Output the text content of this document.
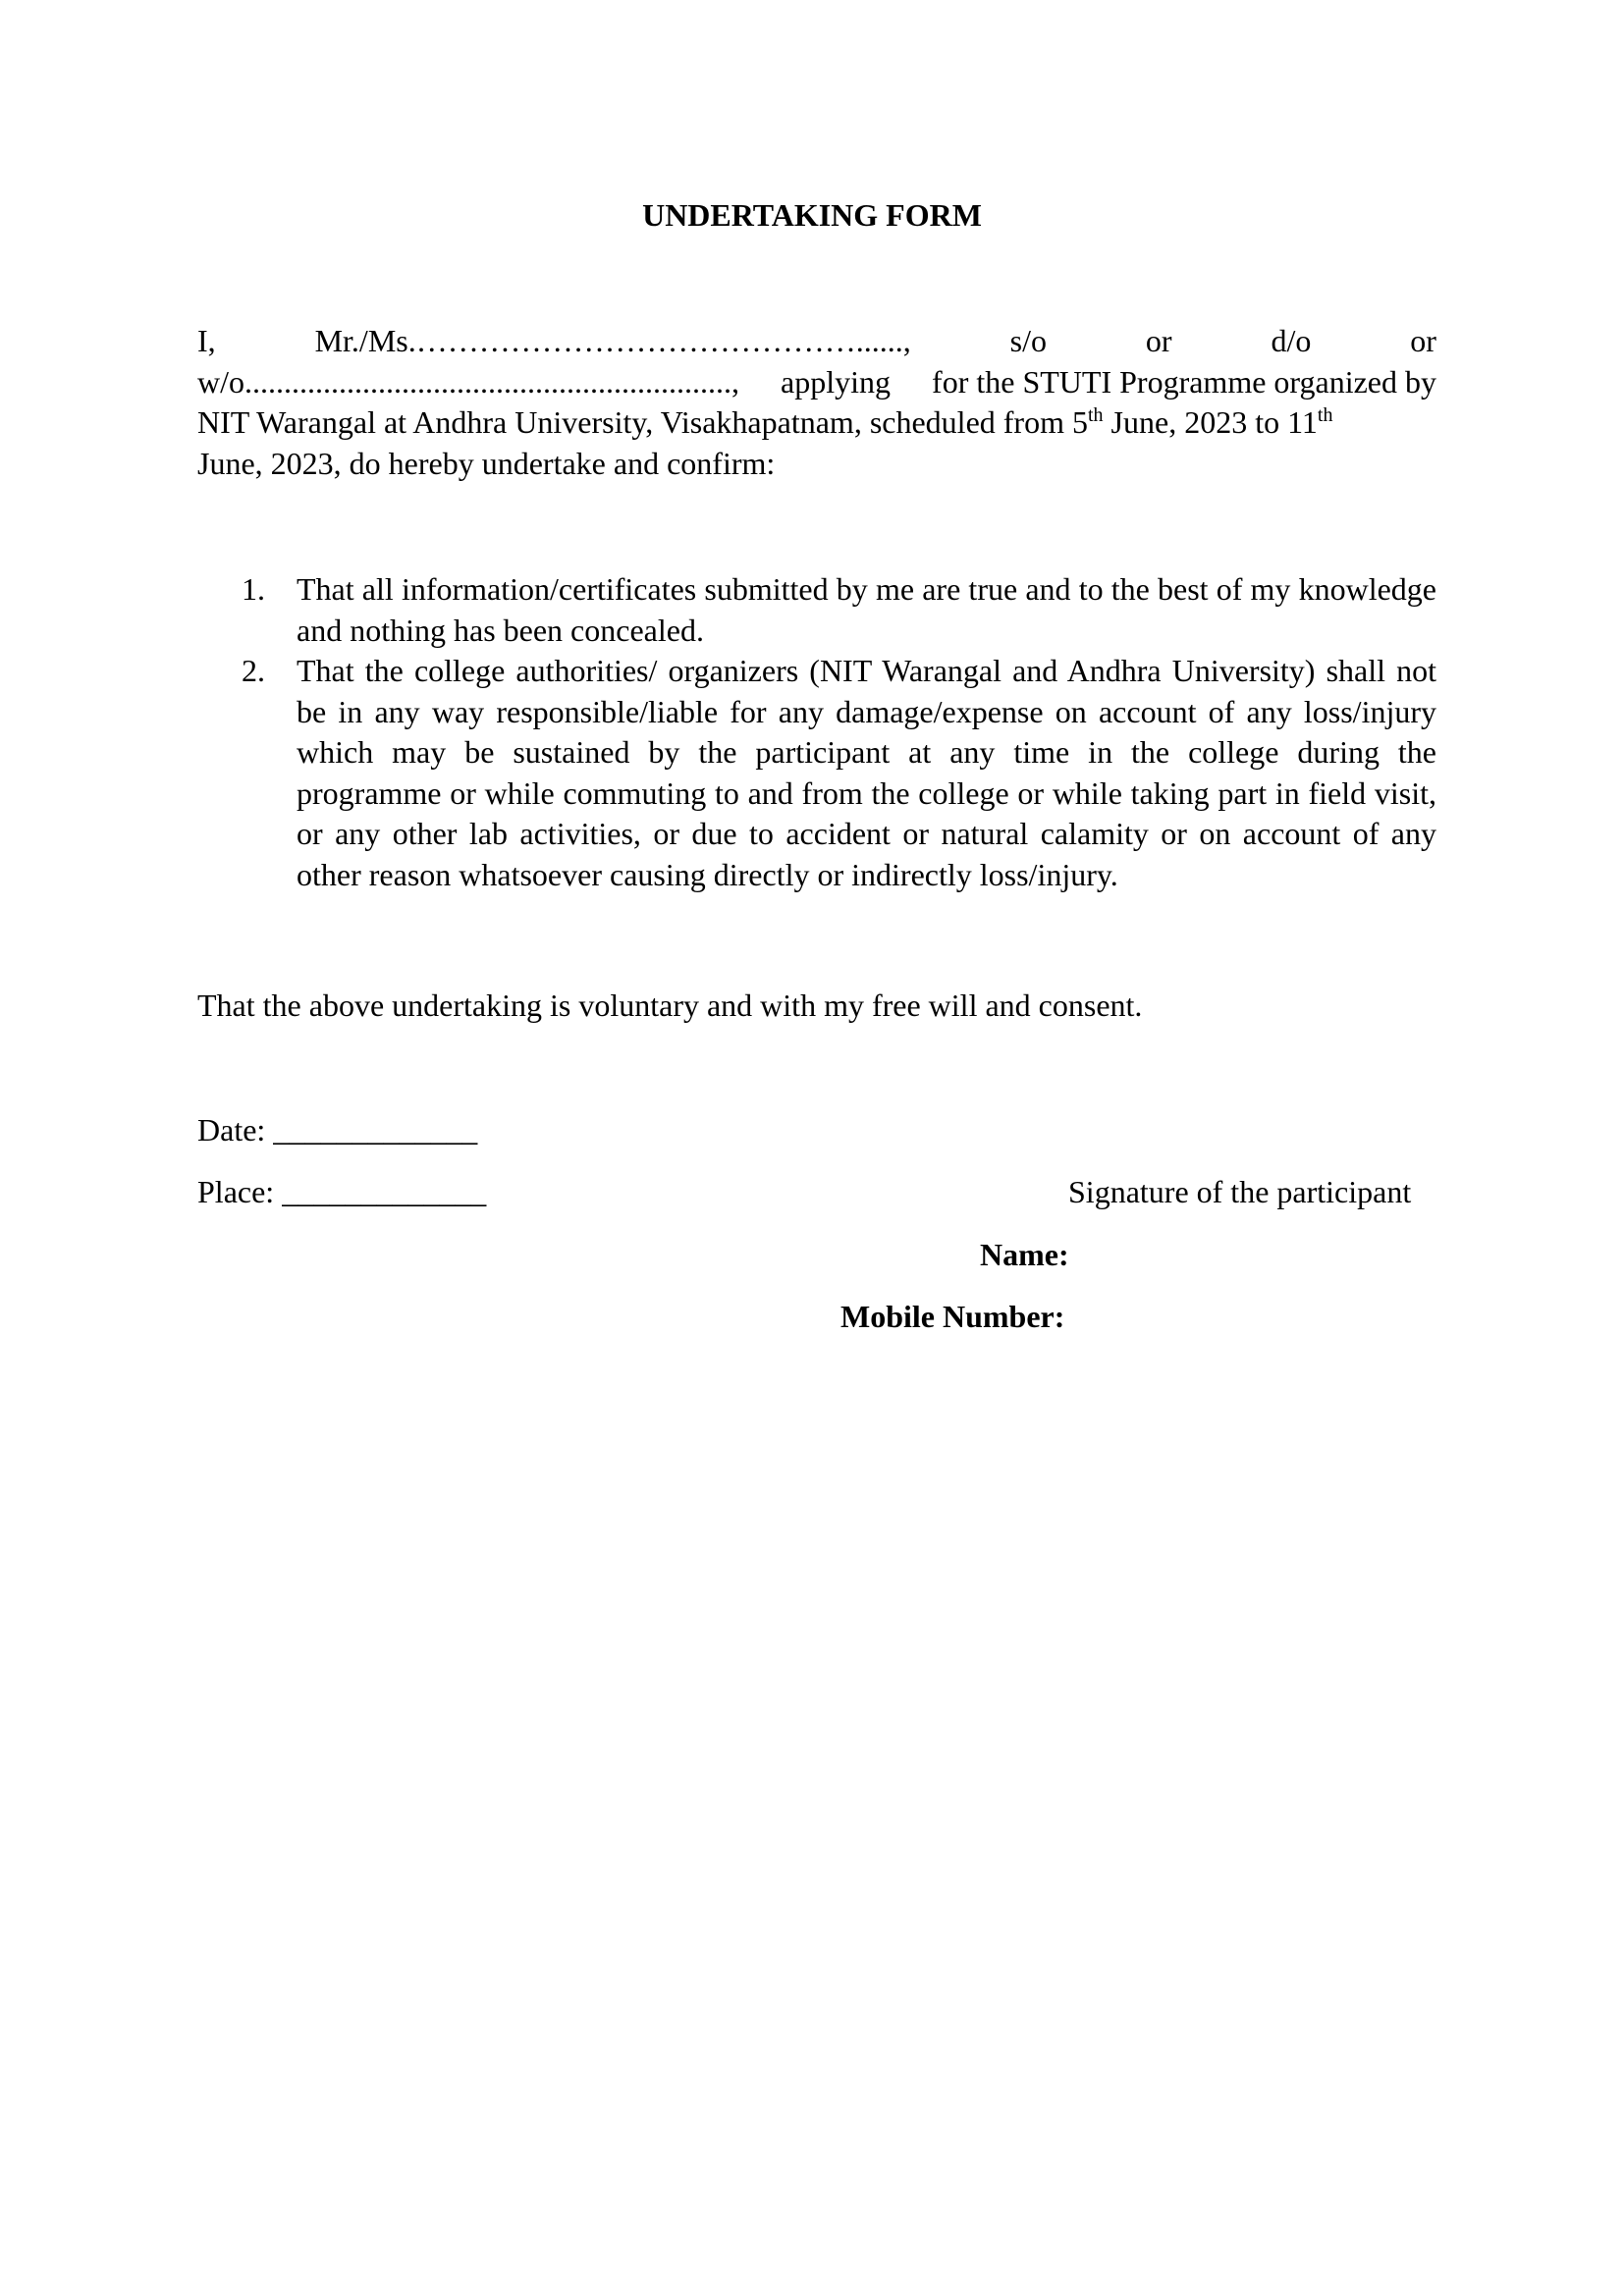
UNDERTAKING FORM
I,	Mr./Ms.……………………………………......,	s/o	or	d/o	or
w/o.............................................................., applying for the STUTI Programme organized by
NIT Warangal at Andhra University, Visakhapatnam, scheduled from 5th June, 2023 to 11th
June, 2023, do hereby undertake and confirm:
1. That all information/certificates submitted by me are true and to the best of my knowledge and nothing has been concealed.
2. That the college authorities/ organizers (NIT Warangal and Andhra University) shall not be in any way responsible/liable for any damage/expense on account of any loss/injury which may be sustained by the participant at any time in the college during the programme or while commuting to and from the college or while taking part in field visit, or any other lab activities, or due to accident or natural calamity or on account of any other reason whatsoever causing directly or indirectly loss/injury.
That the above undertaking is voluntary and with my free will and consent.
Date: _____________
Place: _____________	Signature of the participant
Name:
Mobile Number:
